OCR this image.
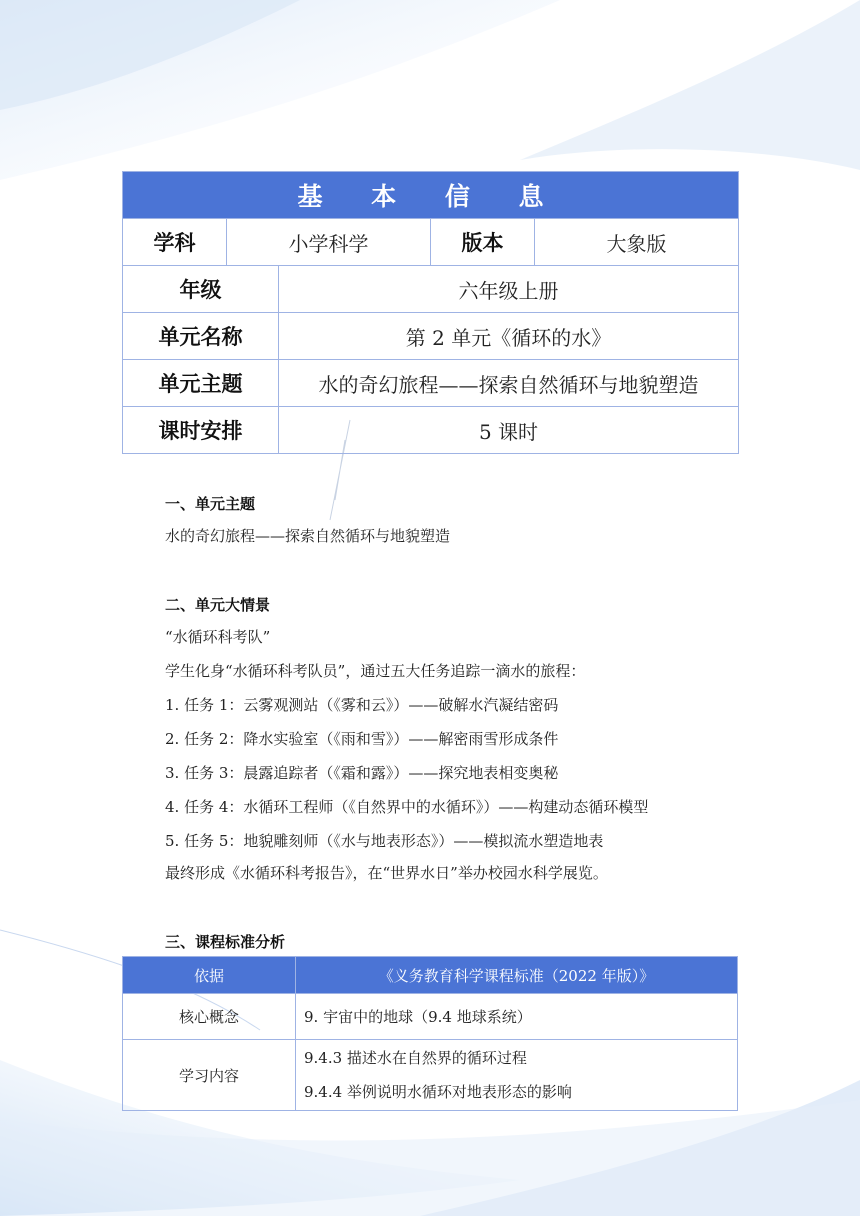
基 本 信 息				
学科	小学科学		版本	大象版
年级		六年级上册		
单元名称		第 2 单元《循环的水》		
单元主题		水的奇幻旅程——探索自然循环与地貌塑造		
课时安排		5 课时		
一、单元主题
水的奇幻旅程——探索自然循环与地貌塑造
二、单元大情景
“水循环科考队”
学生化身“水循环科考队员”，通过五大任务追踪一滴水的旅程：
1. 任务 1：云雾观测站（《雾和云》）——破解水汽凝结密码
2. 任务 2：降水实验室（《雨和雪》）——解密雨雪形成条件
3. 任务 3：晨露追踪者（《霜和露》）——探究地表相变奥秘
4. 任务 4：水循环工程师（《自然界中的水循环》）——构建动态循环模型
5. 任务 5：地貌雕刻师（《水与地表形态》）——模拟流水塑造地表
最终形成《水循环科考报告》，在“世界水日”举办校园水科学展览。
三、课程标准分析
依据	《义务教育科学课程标准（2022 年版）》
核心概念	9. 宇宙中的地球（9.4 地球系统）
学习内容	9.4.3 描述水在自然界的循环过程
9.4.4 举例说明水循环对地表形态的影响
